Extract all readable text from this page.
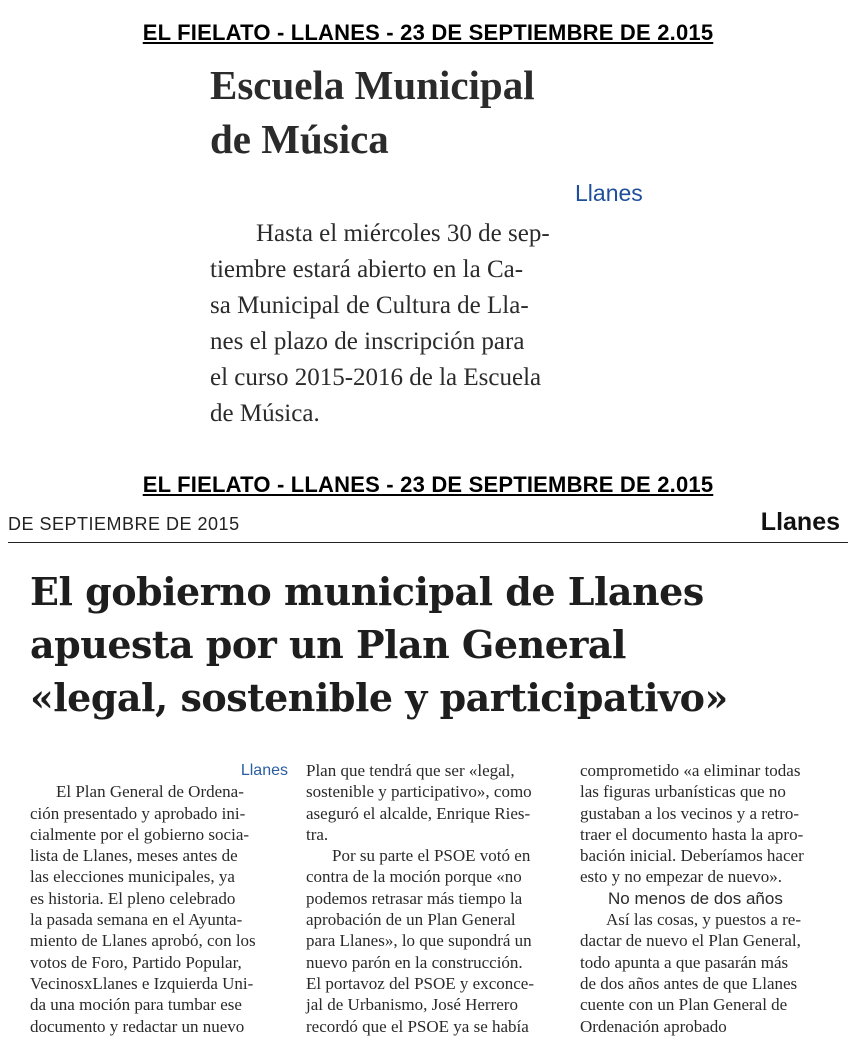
EL FIELATO - LLANES - 23 DE SEPTIEMBRE DE 2.015
Escuela Municipal
de Música
Llanes
Hasta el miércoles 30 de sep-
tiembre estará abierto en la Ca-
sa Municipal de Cultura de Lla-
nes el plazo de inscripción para
el curso 2015-2016 de la Escuela
de Música.
EL FIELATO - LLANES - 23 DE SEPTIEMBRE DE 2.015
DE SEPTIEMBRE DE 2015	Llanes
El gobierno municipal de Llanes
apuesta por un Plan General
«legal, sostenible y participativo»
Llanes
El Plan General de Ordena-
ción presentado y aprobado ini-
cialmente por el gobierno socia-
lista de Llanes, meses antes de
las elecciones municipales, ya
es historia. El pleno celebrado
la pasada semana en el Ayunta-
miento de Llanes aprobó, con los
votos de Foro, Partido Popular,
VecinosxLlanes e Izquierda Uni-
da una moción para tumbar ese
documento y redactar un nuevo
Plan que tendrá que ser «legal,
sostenible y participativo», como
aseguró el alcalde, Enrique Ries-
tra.
Por su parte el PSOE votó en
contra de la moción porque «no
podemos retrasar más tiempo la
aprobación de un Plan General
para Llanes», lo que supondrá un
nuevo parón en la construcción.
El portavoz del PSOE y exconce-
jal de Urbanismo, José Herrero
recordó que el PSOE ya se había
comprometido «a eliminar todas
las figuras urbanísticas que no
gustaban a los vecinos y a retro-
traer el documento hasta la apro-
bación inicial. Deberíamos hacer
esto y no empezar de nuevo».
No menos de dos años
Así las cosas, y puestos a re-
dactar de nuevo el Plan General,
todo apunta a que pasarán más
de dos años antes de que Llanes
cuente con un Plan General de
Ordenación aprobado
